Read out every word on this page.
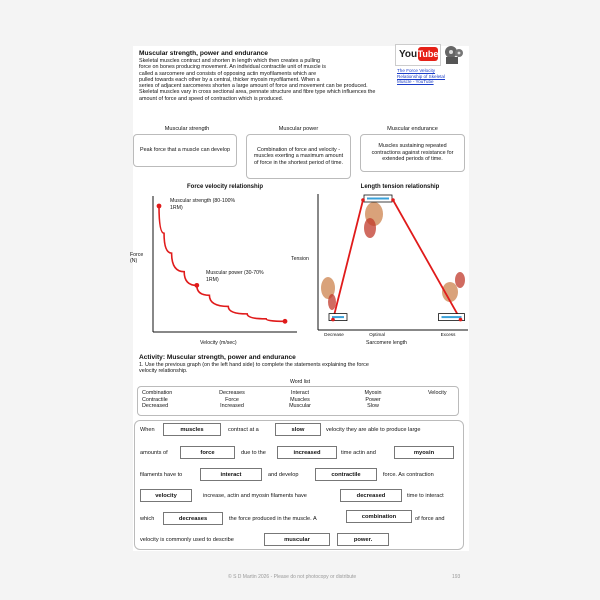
Muscular strength, power and endurance
Skeletal muscles contract and shorten in length which then creates a pulling
force on bones producing movement. An individual contractile unit of muscle is
called a sarcomere and consists of opposing actin myofilaments which are
pulled towards each other by a central, thicker myosin myofilament. When a
series of adjacent sarcomeres shorten a large amount of force and movement can be produced.
Skeletal muscles vary in cross sectional area, pennate structure and fibre type which influences the
amount of force and speed of contraction which is produced.
You Tube
The Force Velocity
Relationship of Skeletal
Muscle - YouTube
Muscular strength	Muscular power	Muscular endurance
Peak force that a muscle can develop	Combination of force and velocity - muscles exerting a maximum amount of force in the shortest period of time.
Muscles sustaining repeated contractions against resistance for extended periods of time.
Force velocity relationship
Force (N)
Muscular strength (80-100% 1RM)
Muscular power (30-70% 1RM)
Velocity (m/sec)
Length tension relationship
Tension
Decrease	Optimal	Excess
Sarcomere length
Activity: Muscular strength, power and endurance
1. Use the previous graph (on the left hand side) to complete the statements explaining the force
velocity relationship.
Word list
Combination
Contractile
Decreased
Decreases
Force
Increased
Interact
Muscles
Muscular
Myosin
Power
Slow
Velocity
When	muscles	contract at a	slow	velocity they are able to produce large
amounts of	force	due to the	increased	time actin and	myosin
filaments have to	interact	and develop	contractile	force. As contraction
velocity	increase, actin and myosin filaments have	decreased	time to interact
which	decreases	the force produced in the muscle. A	combination	of force and
velocity is commonly used to describe	muscular	power.
© S D Martin 2026 - Please do not photocopy or distribute	193
